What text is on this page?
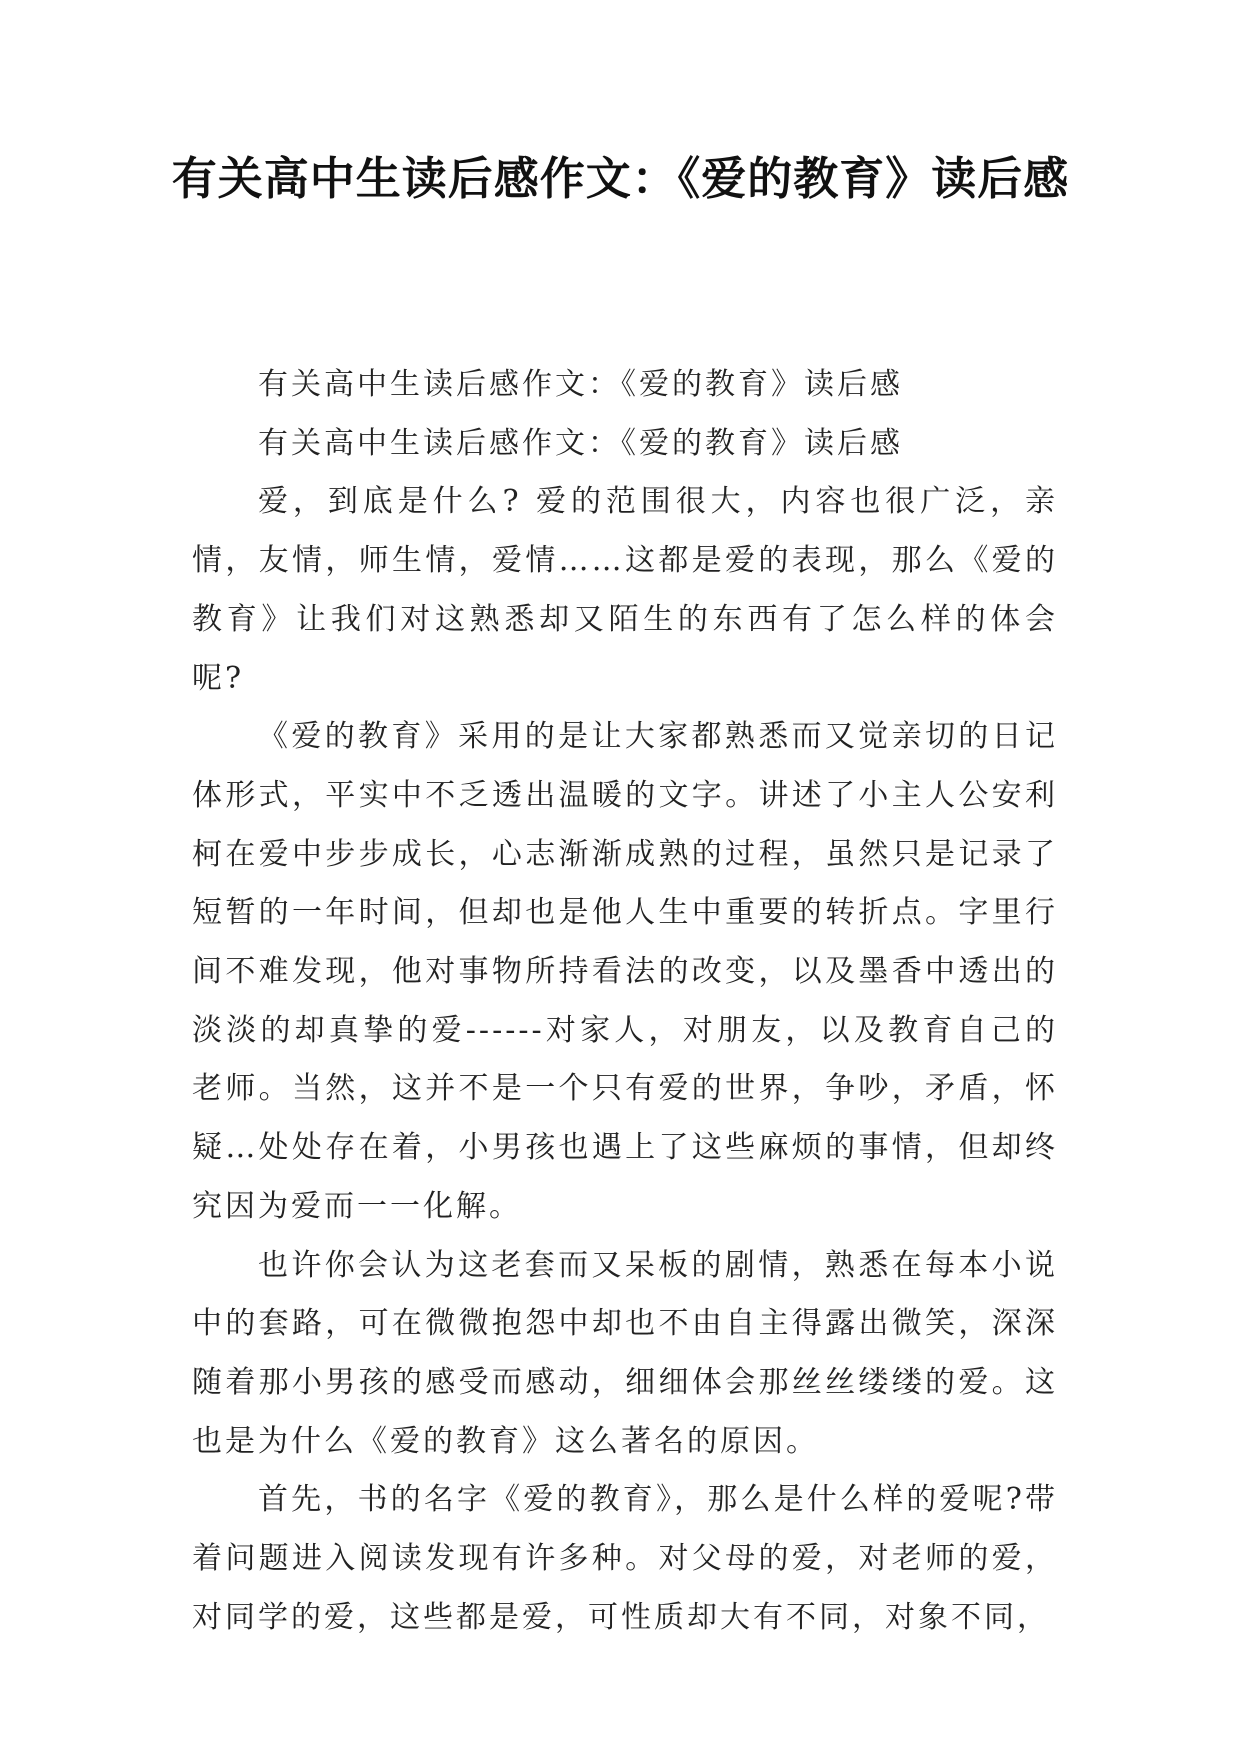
有关高中生读后感作文：《爱的教育》读后感

有关高中生读后感作文：《爱的教育》读后感

有关高中生读后感作文：《爱的教育》读后感

爱，到底是什么? 爱的范围很大，内容也很广泛，亲情，友情，师生情，爱情……这都是爱的表现，那么《爱的教育》让我们对这熟悉却又陌生的东西有了怎么样的体会呢?

《爱的教育》采用的是让大家都熟悉而又觉亲切的日记体形式，平实中不乏透出温暖的文字。讲述了小主人公安利柯在爱中步步成长，心志渐渐成熟的过程，虽然只是记录了短暂的一年时间，但却也是他人生中重要的转折点。字里行间不难发现，他对事物所持看法的改变，以及墨香中透出的淡淡的却真挚的爱------对家人，对朋友，以及教育自己的老师。当然，这并不是一个只有爱的世界，争吵，矛盾，怀疑…处处存在着，小男孩也遇上了这些麻烦的事情，但却终究因为爱而一一化解。

也许你会认为这老套而又呆板的剧情，熟悉在每本小说中的套路，可在微微抱怨中却也不由自主得露出微笑，深深随着那小男孩的感受而感动，细细体会那丝丝缕缕的爱。这也是为什么《爱的教育》这么著名的原因。

首先，书的名字《爱的教育》，那么是什么样的爱呢?带着问题进入阅读发现有许多种。对父母的爱，对老师的爱，对同学的爱，这些都是爱，可性质却大有不同，对象不同，
